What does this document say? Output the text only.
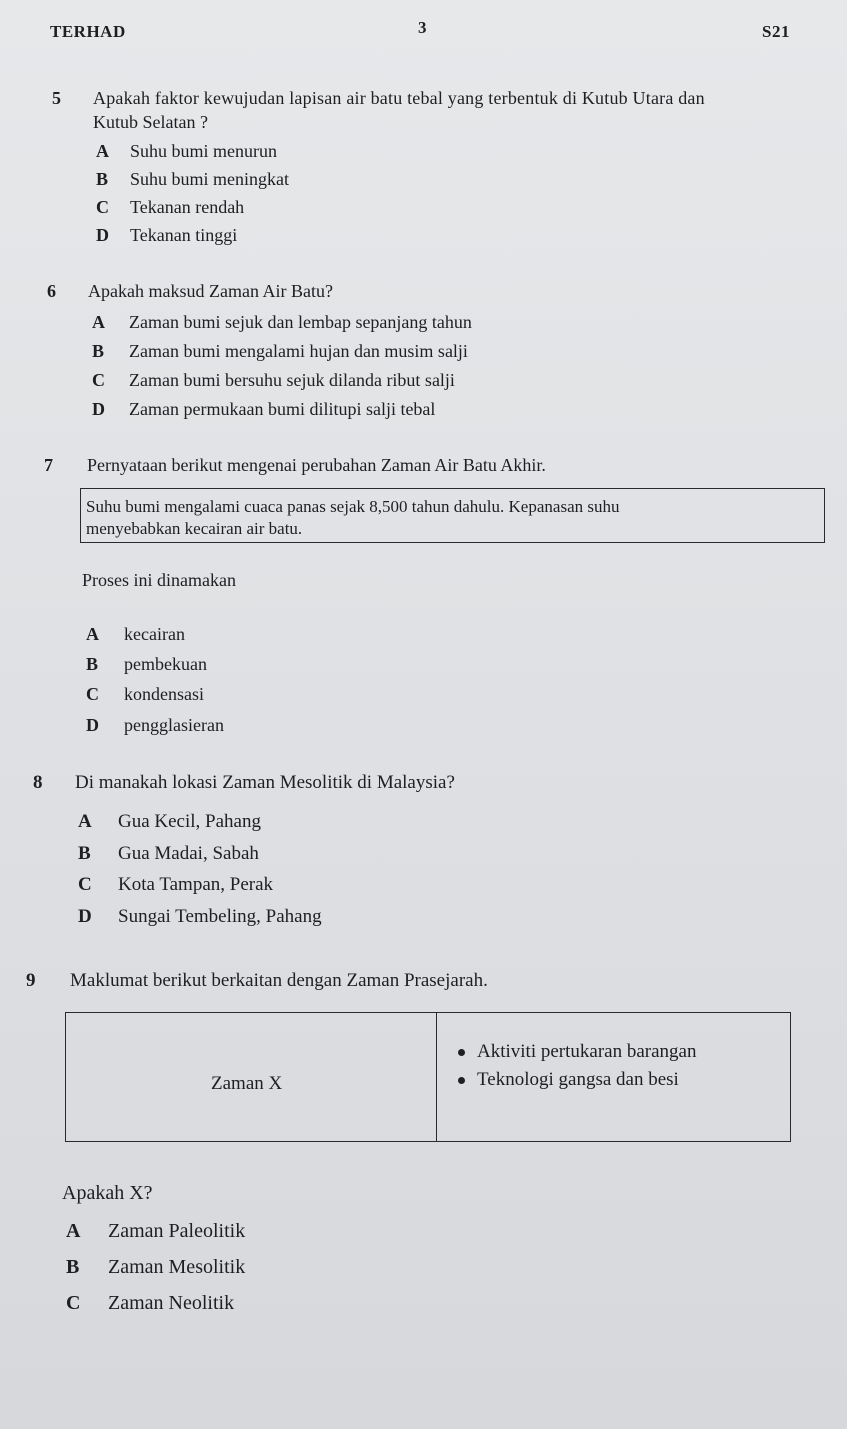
TERHAD	3	S21
5 Apakah faktor kewujudan lapisan air batu tebal yang terbentuk di Kutub Utara dan
Kutub Selatan ?
A Suhu bumi menurun
B Suhu bumi meningkat
C Tekanan rendah
D Tekanan tinggi
6 Apakah maksud Zaman Air Batu?
A Zaman bumi sejuk dan lembap sepanjang tahun
B Zaman bumi mengalami hujan dan musim salji
C Zaman bumi bersuhu sejuk dilanda ribut salji
D Zaman permukaan bumi dilitupi salji tebal
7 Pernyataan berikut mengenai perubahan Zaman Air Batu Akhir.
Suhu bumi mengalami cuaca panas sejak 8,500 tahun dahulu. Kepanasan suhu
menyebabkan kecairan air batu.
Proses ini dinamakan
A kecairan
B pembekuan
C kondensasi
D pengglasieran
8 Di manakah lokasi Zaman Mesolitik di Malaysia?
A Gua Kecil, Pahang
B Gua Madai, Sabah
C Kota Tampan, Perak
D Sungai Tembeling, Pahang
9 Maklumat berikut berkaitan dengan Zaman Prasejarah.
Zaman X
Aktiviti pertukaran barangan
Teknologi gangsa dan besi
Apakah X?
A Zaman Paleolitik
B Zaman Mesolitik
C Zaman Neolitik
